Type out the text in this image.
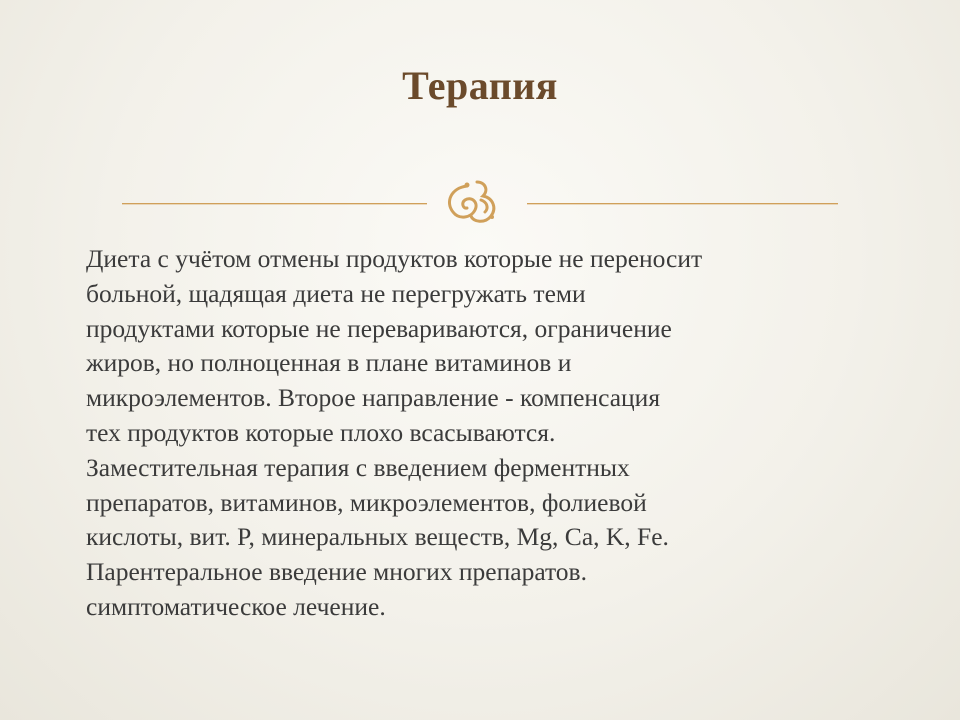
Терапия
Диета с учётом отмены продуктов которые не переносит
больной, щадящая диета не перегружать теми
продуктами которые не перевариваются, ограничение
жиров, но полноценная в плане витаминов и
микроэлементов. Второе направление - компенсация
тех продуктов которые плохо всасываются.
Заместительная терапия с введением ферментных
препаратов, витаминов, микроэлементов, фолиевой
кислоты, вит. P, минеральных веществ, Mg, Ca, K, Fe.
Парентеральное введение многих препаратов.
симптоматическое лечение.
